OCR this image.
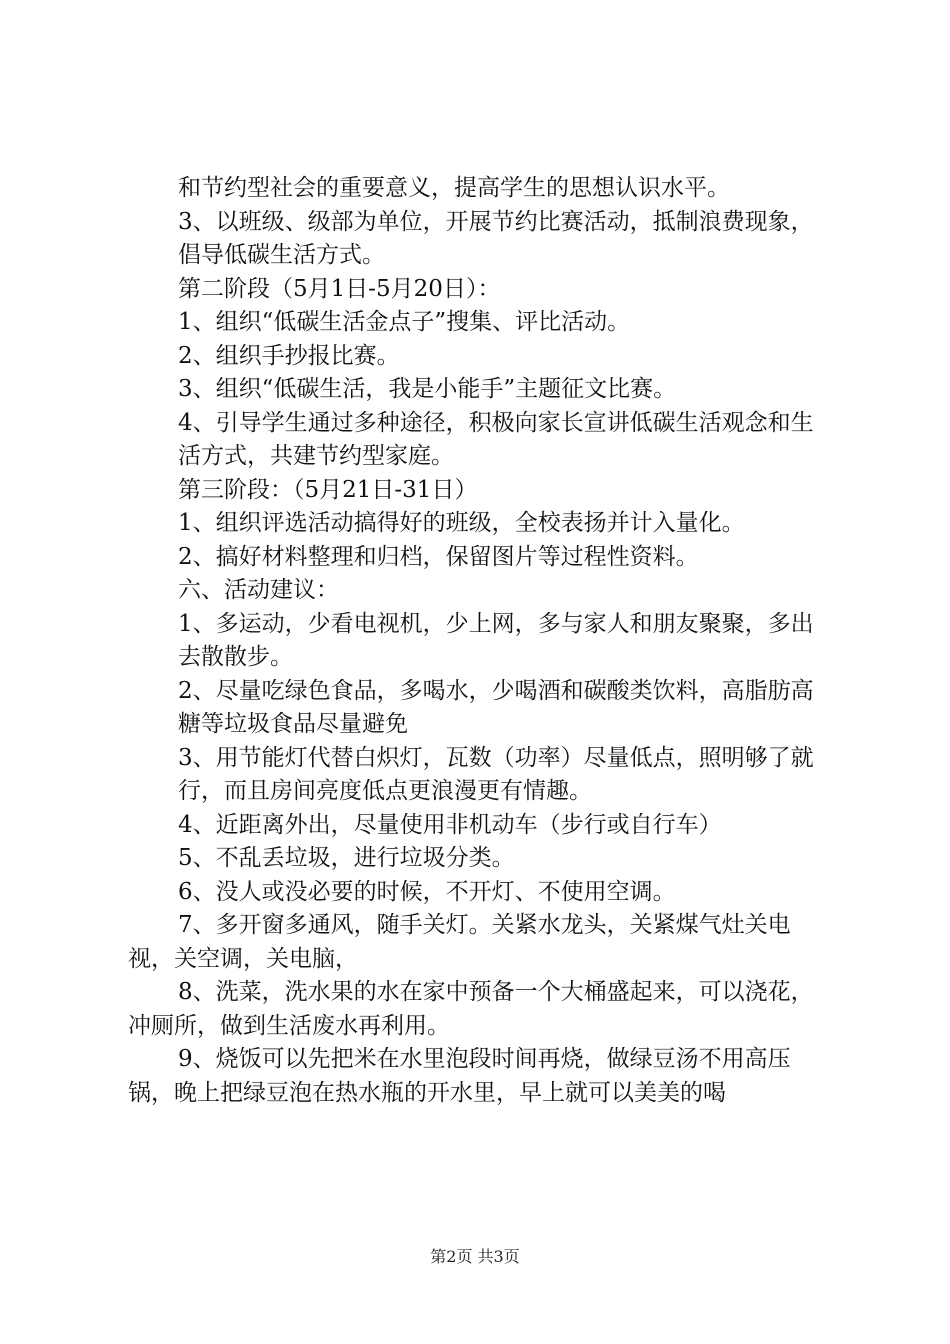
和节约型社会的重要意义，提高学生的思想认识水平。

3、以班级、级部为单位，开展节约比赛活动，抵制浪费现象，

倡导低碳生活方式。

第二阶段（5月1日-5月20日）：

1、组织“低碳生活金点子”搜集、评比活动。

2、组织手抄报比赛。

3、组织“低碳生活，我是小能手”主题征文比赛。

4、引导学生通过多种途径，积极向家长宣讲低碳生活观念和生

活方式，共建节约型家庭。

第三阶段：（5月21日-31日）

1、组织评选活动搞得好的班级，全校表扬并计入量化。

2、搞好材料整理和归档，保留图片等过程性资料。

六、活动建议：

1、多运动，少看电视机，少上网，多与家人和朋友聚聚，多出

去散散步。

2、尽量吃绿色食品，多喝水，少喝酒和碳酸类饮料，高脂肪高

糖等垃圾食品尽量避免

3、用节能灯代替白炽灯，瓦数（功率）尽量低点，照明够了就

行，而且房间亮度低点更浪漫更有情趣。

4、近距离外出，尽量使用非机动车（步行或自行车）

5、不乱丢垃圾，进行垃圾分类。

6、没人或没必要的时候，不开灯、不使用空调。

7、多开窗多通风，随手关灯。关紧水龙头，关紧煤气灶关电视，关空调，关电脑，

8、洗菜，洗水果的水在家中预备一个大桶盛起来，可以浇花，冲厕所，做到生活废水再利用。

9、烧饭可以先把米在水里泡段时间再烧，做绿豆汤不用高压锅，晚上把绿豆泡在热水瓶的开水里，早上就可以美美的喝

第2页 共3页
